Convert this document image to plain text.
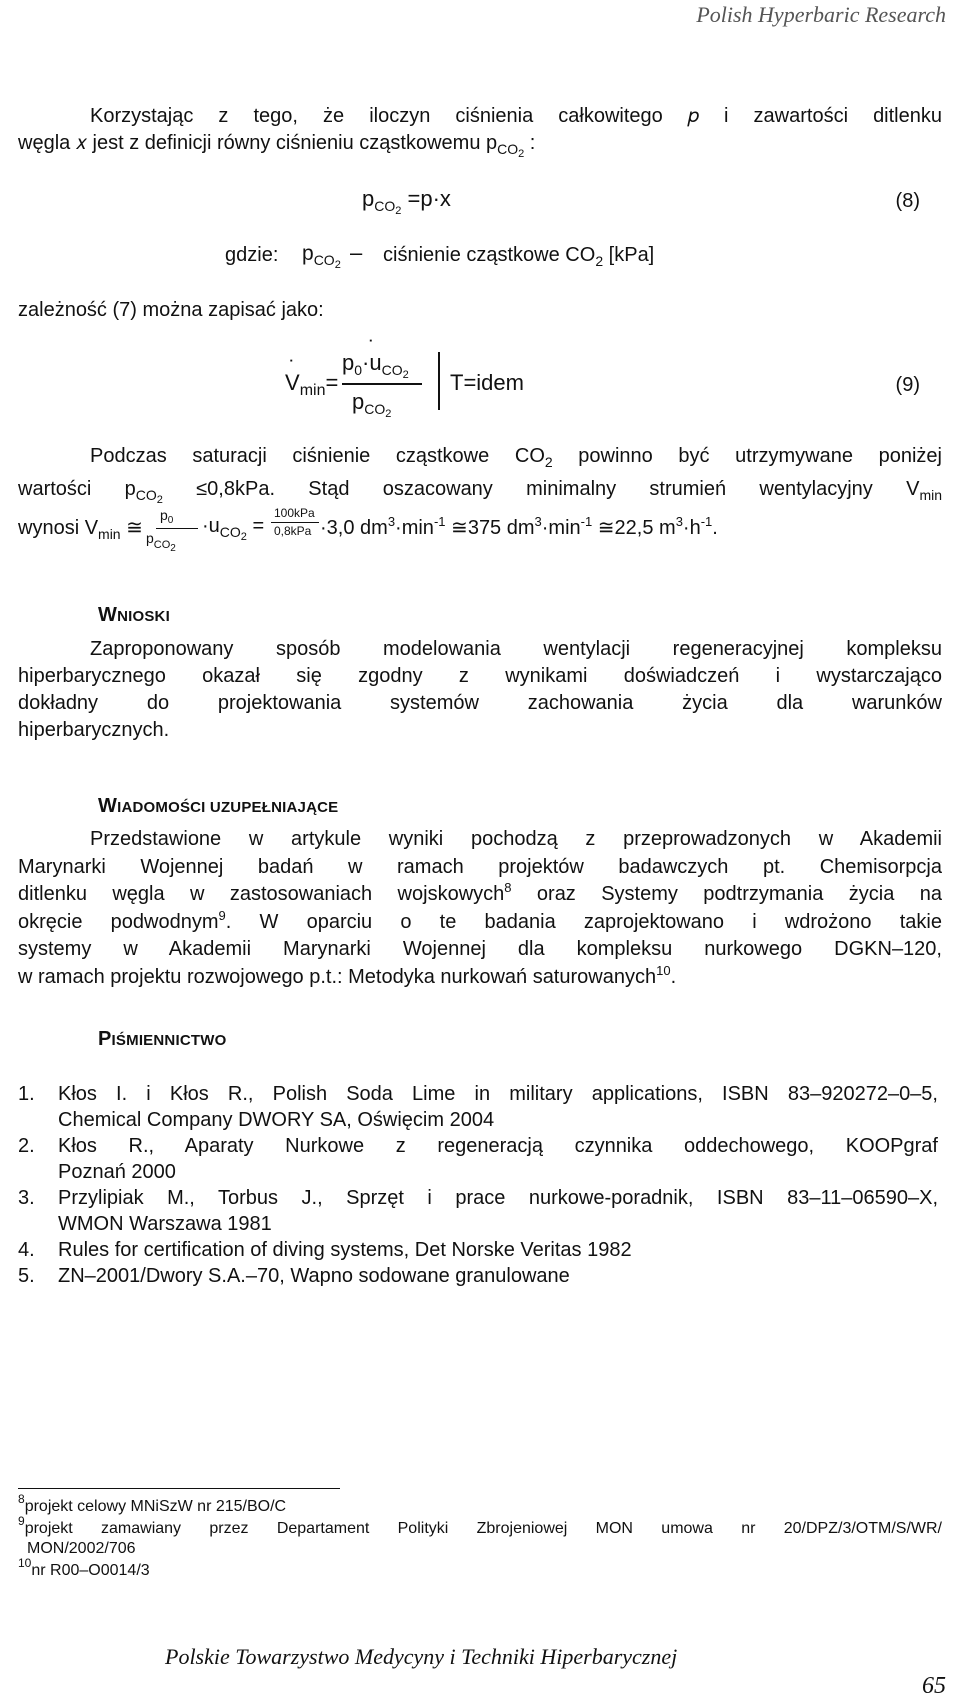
Polish Hyperbaric Research
Korzystając z tego, że iloczyn ciśnienia całkowitego 𝑝 i zawartości ditlenku
węgla 𝑥 jest z definicji równy ciśnieniu cząstkowemu $p_{CO_2}$ :
$p_{CO_2} =p\cdot x$	(8)
gdzie: $p_{CO_2}$ – ciśnienie cząstkowe $CO_2$ [kPa]
zależność (7) można zapisać jako:
˙ $V_{min}=$
$p_0˙ \cdot u_{CO_2}$
$p_{CO_2}$
T=idem	(9)
Podczas saturacji ciśnienie cząstkowe $CO_2$ powinno być utrzymywane poniżej
wartości $p_{CO_2} \le 0,8kPa$. Stąd oszacowany minimalny strumień wentylacyjny $V_{min}$
wynosi $V_{min}$ ≅
$p_0$
$p_{CO_2}$
$\cdot u_{CO_2}$ =
100kPa
0,8kPa ·3,0 $dm^3\cdot\min^{-1}$ ≅375 $dm^3\cdot\min^{-1}$ ≅22,5 $m^3\cdot h^{-1}$.
WNIOSKI
Zaproponowany sposób modelowania wentylacji regeneracyjnej kompleksu
hiperbarycznego okazał się zgodny z wynikami doświadczeń i wystarczająco
dokładny do projektowania systemów zachowania życia dla warunków
hiperbarycznych.
WIADOMOŚCI UZUPEŁNIAJĄCE
Przedstawione w artykule wyniki pochodzą z przeprowadzonych w Akademii
Marynarki Wojennej badań w ramach projektów badawczych pt. Chemisorpcja
ditlenku węgla w zastosowaniach wojskowych$^8$ oraz Systemy podtrzymania życia na
okręcie podwodnym$^9$. W oparciu o te badania zaprojektowano i wdrożono takie
systemy w Akademii Marynarki Wojennej dla kompleksu nurkowego DGKN–120,
w ramach projektu rozwojowego p.t.: Metodyka nurkowań saturowanych$^{10}$.
PIŚMIENNICTWO
1. Kłos I. i Kłos R., Polish Soda Lime in military applications, ISBN 83–920272–0–5,
Chemical Company DWORY SA, Oświęcim 2004
2. Kłos R., Aparaty Nurkowe z regeneracją czynnika oddechowego, KOOPgraf
Poznań 2000
3. Przylipiak M., Torbus J., Sprzęt i prace nurkowe-poradnik, ISBN 83–11–06590–X,
WMON Warszawa 1981
4. Rules for certification of diving systems, Det Norske Veritas 1982
5. ZN–2001/Dwory S.A.–70, Wapno sodowane granulowane
$^8$projekt celowy MNiSzW nr 215/BO/C
$^9$projekt zamawiany przez Departament Polityki Zbrojeniowej MON umowa nr 20/DPZ/3/OTM/S/WR/
MON/2002/706
$^{10}$nr R00–O0014/3
Polskie Towarzystwo Medycyny i Techniki Hiperbarycznej
65
